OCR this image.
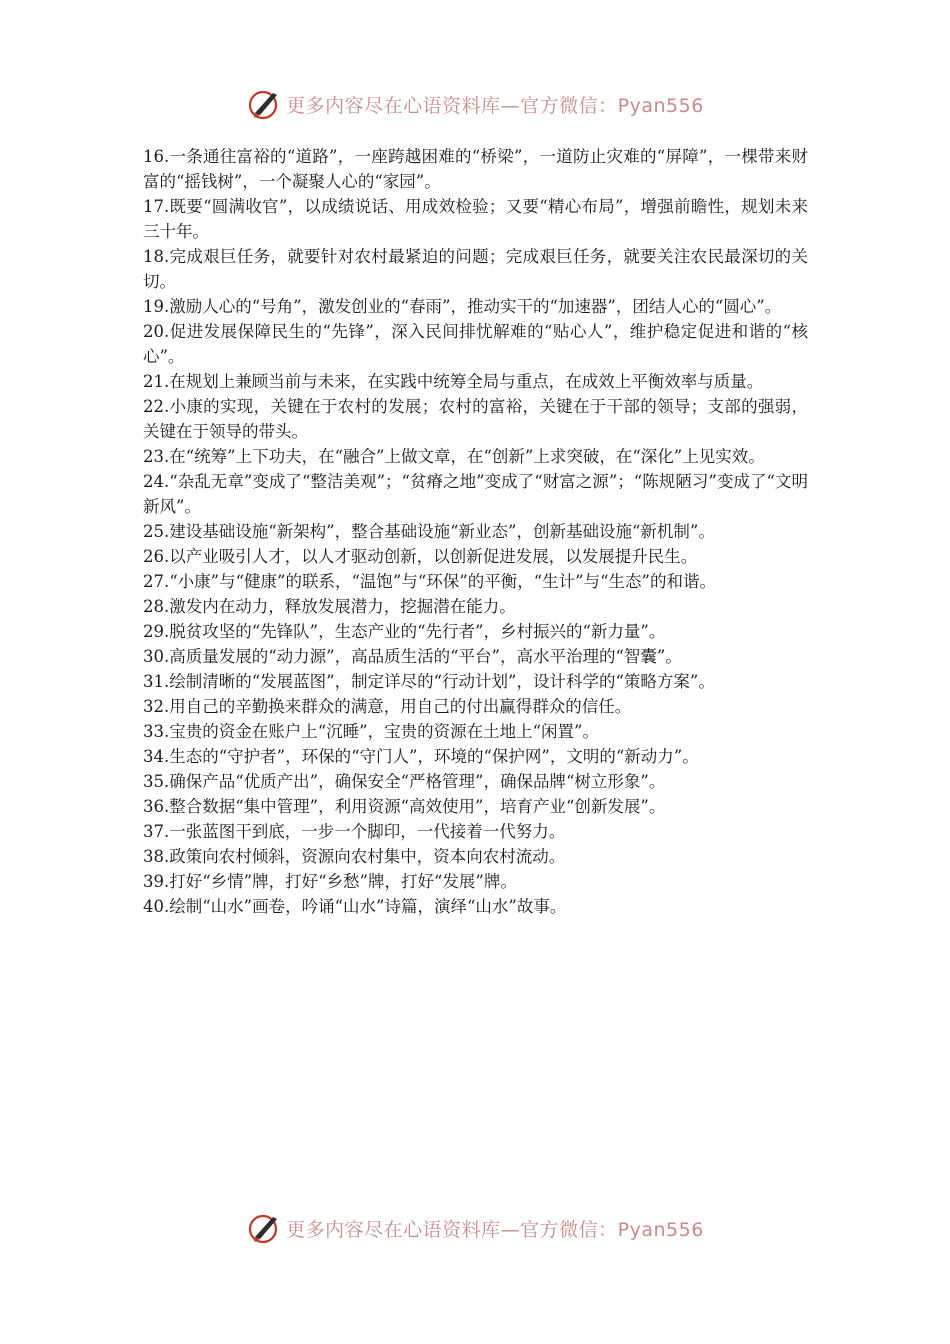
更多内容尽在心语资料库—官方微信：Pyan556

16.一条通往富裕的“道路”，一座跨越困难的“桥梁”，一道防止灾难的“屏障”，一棵带来财富的“摇钱树”，一个凝聚人心的“家园”。

17.既要“圆满收官”，以成绩说话、用成效检验；又要“精心布局”，增强前瞻性，规划未来三十年。

18.完成艰巨任务，就要针对农村最紧迫的问题；完成艰巨任务，就要关注农民最深切的关切。

19.激励人心的“号角”，激发创业的“春雨”，推动实干的“加速器”，团结人心的“圆心”。

20.促进发展保障民生的“先锋”，深入民间排忧解难的“贴心人”，维护稳定促进和谐的“核心”。

21.在规划上兼顾当前与未来，在实践中统筹全局与重点，在成效上平衡效率与质量。

22.小康的实现，关键在于农村的发展；农村的富裕，关键在于干部的领导；支部的强弱，关键在于领导的带头。

23.在“统筹”上下功夫，在“融合”上做文章，在“创新”上求突破，在“深化”上见实效。

24.“杂乱无章”变成了“整洁美观”；“贫瘠之地”变成了“财富之源”；“陈规陋习”变成了“文明新风”。

25.建设基础设施“新架构”，整合基础设施“新业态”，创新基础设施“新机制”。

26.以产业吸引人才，以人才驱动创新，以创新促进发展，以发展提升民生。

27.“小康”与“健康”的联系，“温饱”与“环保”的平衡，“生计”与“生态”的和谐。

28.激发内在动力，释放发展潜力，挖掘潜在能力。

29.脱贫攻坚的“先锋队”，生态产业的“先行者”，乡村振兴的“新力量”。

30.高质量发展的“动力源”，高品质生活的“平台”，高水平治理的“智囊”。

31.绘制清晰的“发展蓝图”，制定详尽的“行动计划”，设计科学的“策略方案”。

32.用自己的辛勤换来群众的满意，用自己的付出赢得群众的信任。

33.宝贵的资金在账户上“沉睡”，宝贵的资源在土地上“闲置”。

34.生态的“守护者”，环保的“守门人”，环境的“保护网”，文明的“新动力”。

35.确保产品“优质产出”，确保安全“严格管理”，确保品牌“树立形象”。

36.整合数据“集中管理”，利用资源“高效使用”，培育产业“创新发展”。

37.一张蓝图干到底，一步一个脚印，一代接着一代努力。

38.政策向农村倾斜，资源向农村集中，资本向农村流动。

39.打好“乡情”牌，打好“乡愁”牌，打好“发展”牌。

40.绘制“山水”画卷，吟诵“山水”诗篇，演绎“山水”故事。

更多内容尽在心语资料库—官方微信：Pyan556
